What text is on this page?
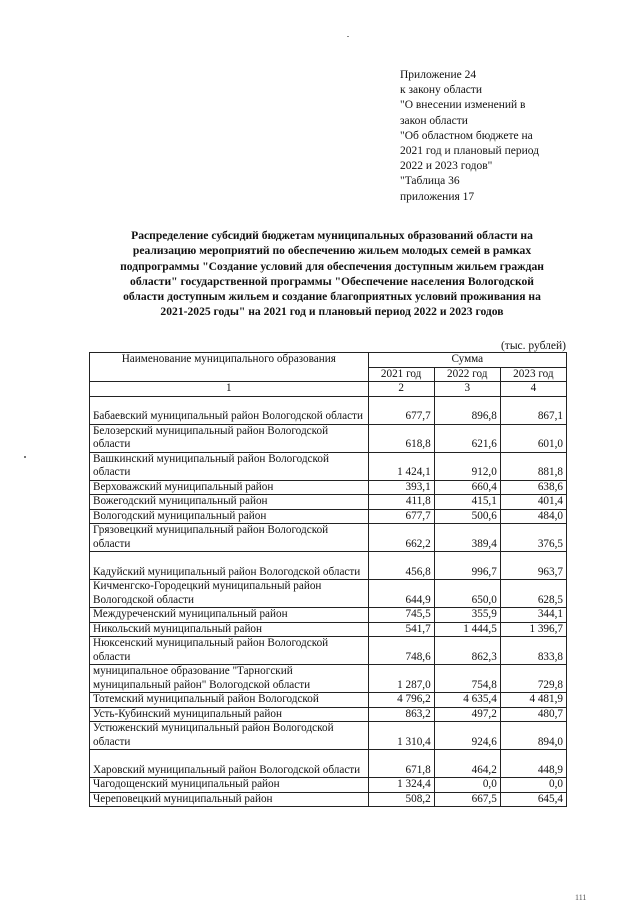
Приложение 24
к закону области
"О внесении изменений в
закон области
"Об областном бюджете на
2021 год и плановый период
2022 и 2023 годов"
"Таблица 36
приложения 17
Распределение субсидий бюджетам муниципальных образований области на
реализацию мероприятий по обеспечению жильем молодых семей в рамках
подпрограммы "Создание условий для обеспечения доступным жильем граждан
области" государственной программы "Обеспечение населения Вологодской
области доступным жильем и создание благоприятных условий проживания на
2021-2025 годы" на 2021 год и плановый период 2022 и 2023 годов
(тыс. рублей)
Наименование муниципального образования	Сумма		
	2021 год	2022 год	2023 год
1	2	3	4
Бабаевский муниципальный район Вологодской области	677,7	896,8	867,1
Белозерский муниципальный район Вологодской области	618,8	621,6	601,0
Вашкинский муниципальный район Вологодской области	1 424,1	912,0	881,8
Верховажский муниципальный район	393,1	660,4	638,6
Вожегодский муниципальный район	411,8	415,1	401,4
Вологодский муниципальный район	677,7	500,6	484,0
Грязовецкий муниципальный район Вологодской области	662,2	389,4	376,5
Кадуйский муниципальный район Вологодской области	456,8	996,7	963,7
Кичменгско-Городецкий муниципальный район Вологодской области	644,9	650,0	628,5
Междуреченский муниципальный район	745,5	355,9	344,1
Никольский муниципальный район	541,7	1 444,5	1 396,7
Нюксенский муниципальный район Вологодской области	748,6	862,3	833,8
муниципальное образование "Тарногский муниципальный район" Вологодской области	1 287,0	754,8	729,8
Тотемский муниципальный район Вологодской	4 796,2	4 635,4	4 481,9
Усть-Кубинский муниципальный район	863,2	497,2	480,7
Устюженский муниципальный район Вологодской области	1 310,4	924,6	894,0
Харовский муниципальный район Вологодской области	671,8	464,2	448,9
Чагодощенский муниципальный район	1 324,4	0,0	0,0
Череповецкий муниципальный район	508,2	667,5	645,4
111
